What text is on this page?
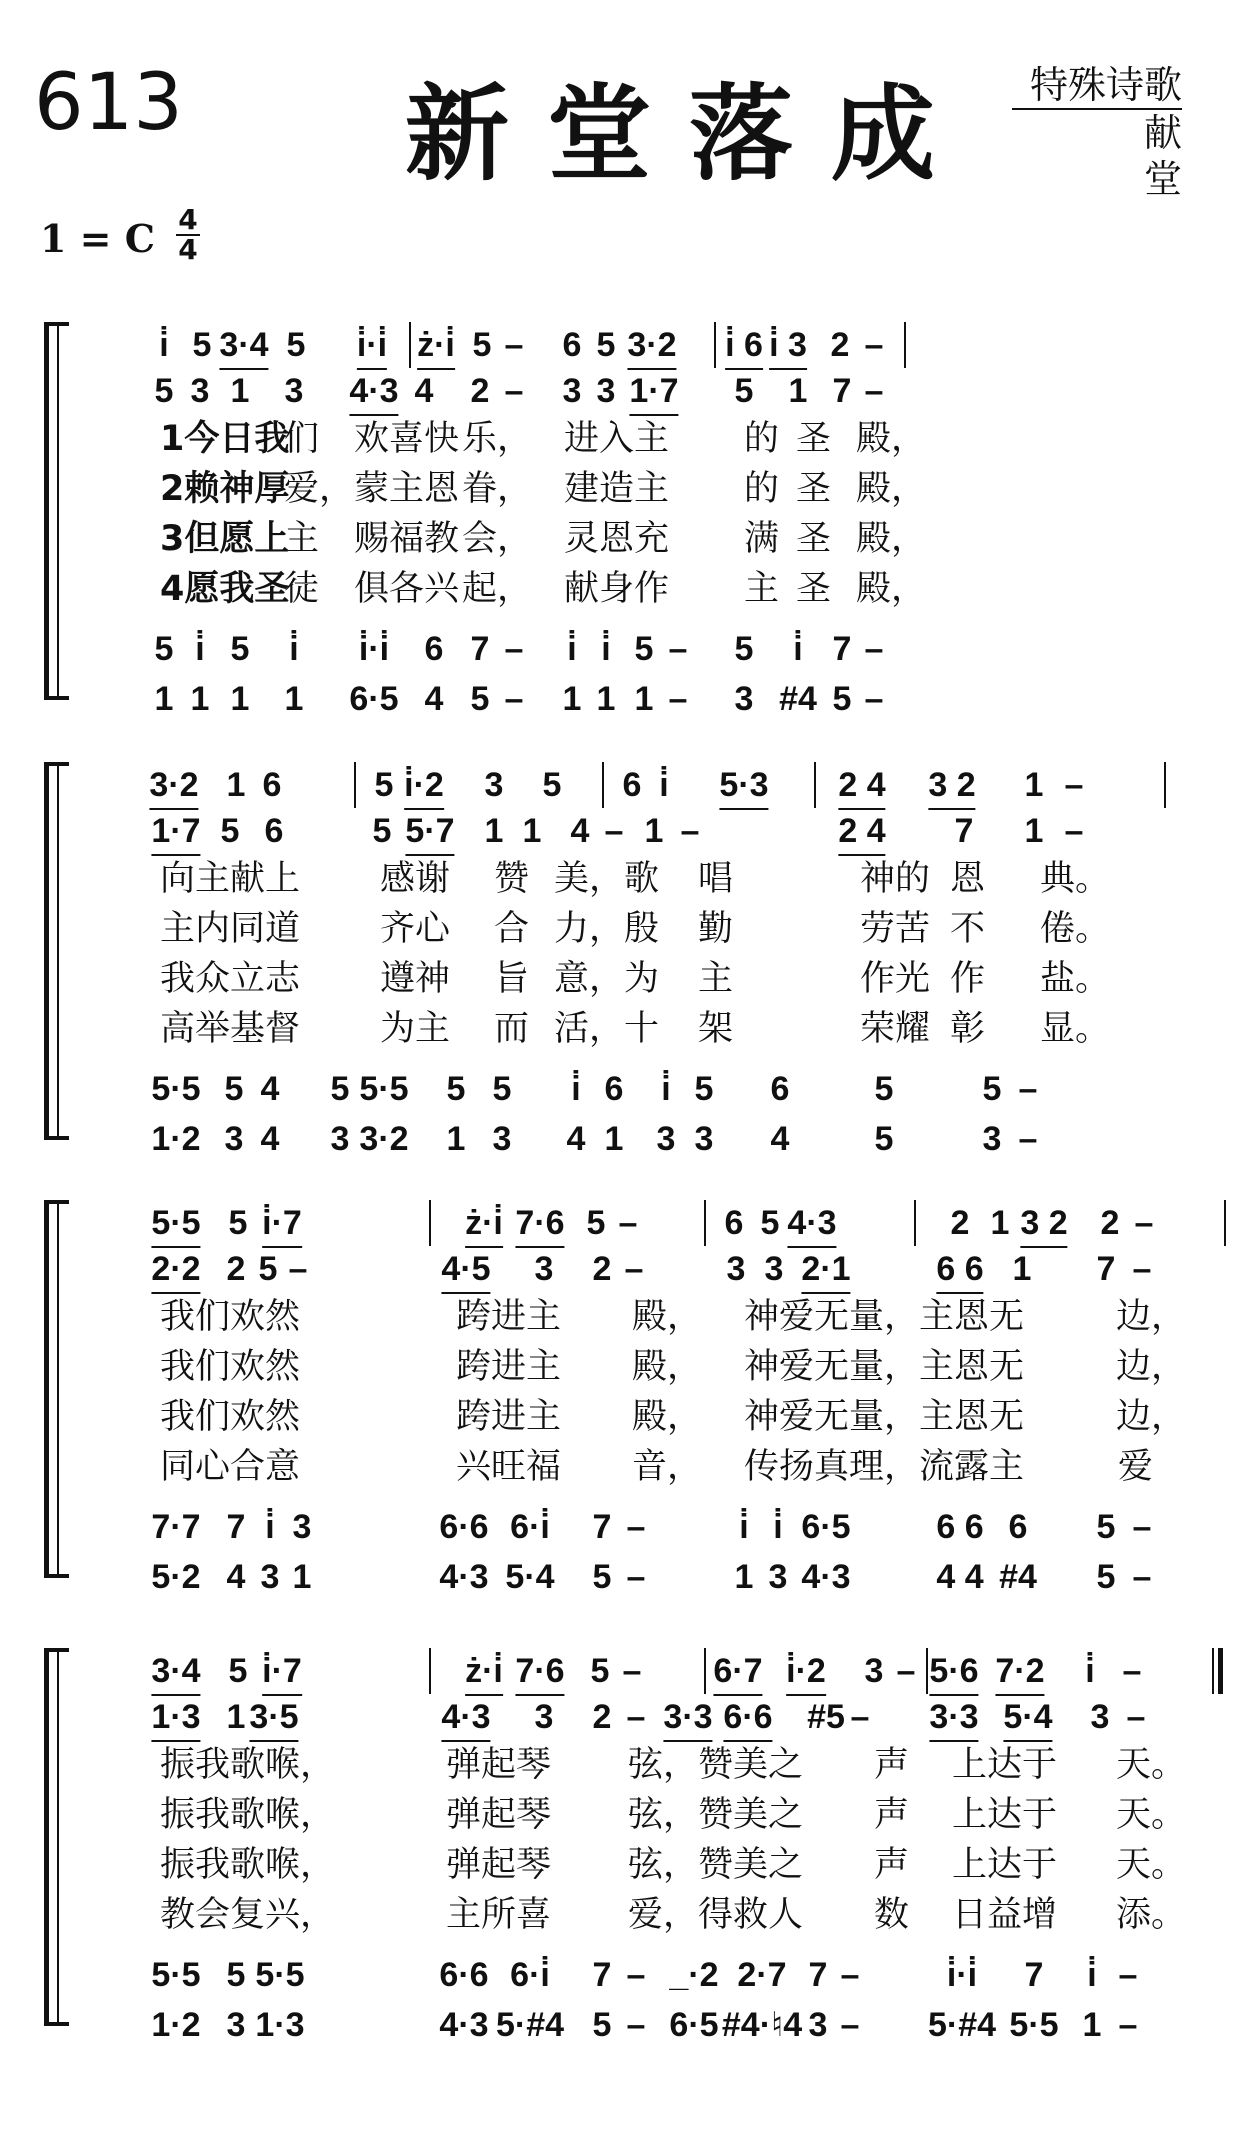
613 新堂落成	特殊诗歌
献 堂
1 = C 4
4
i̇ 5 3·4 5 i̇·i̇ ż·i̇ 5 – 6 5 3·2 i̇ 6 i̇ 3 2 –
5 3 1 3 4·3 4 2 – 3 3 1·7 5 1 7 –
1今日我
们 欢喜快 乐， 进入主 的 圣 殿，
2赖神厚
爱， 蒙主恩 眷， 建造主 的 圣 殿，
3但愿上
主 赐福教 会， 灵恩充 满 圣 殿，
4愿我圣
徒 俱各兴 起， 献身作 主 圣 殿，
5 i̇ 5 i̇ i̇·i̇ 6 7 – i̇ i̇ 5 – 5 i̇ 7 –
1 1 1 1 6·5 4 5 – 1 1 1 – 3 #4 5 –
3·2 1 6	5 i̇·2 3 5 6 i̇ 5·3 2 4 3 2 1 –
1·7 5 6	5 5·7 1 1 4 – 1 –	2 4 7 1 –
向主献上 感谢 赞 美，歌 唱	神的 恩 典。
主内同道 齐心 合 力，殷 勤	劳苦 不 倦。
我众立志 遵神 旨 意，为 主	作光 作 盐。
高举基督 为主 而 活，十 架	荣耀 彰 显。
5·5 5 4 5 5·5 5 5 i̇ 6 i̇ 5 6	5	5 –
1·2 3 4 3 3·2 1 3 4 1 3 3 4	5	3 –
5·5 5 i̇·7	ż·i̇ 7·6 5 –	6 5 4·3	2 1 3 2 2 –
2·2 2 5 –	4·5 3 2 – 3 3 2·1	6 6 1 7 –
我们欢然	跨进主 殿， 神爱无量，主恩无	边，
我们欢然	跨进主 殿， 神爱无量，主恩无	边，
我们欢然	跨进主 殿， 神爱无量，主恩无	边，
同心合意	兴旺福 音， 传扬真理，流露主	爱
7·7 7 i̇ 3	6·6 6·i̇ 7 –	i̇ i̇ 6·5	6 6 6 5 –
5·2 4 3 1	4·3 5·4 5 –	1 3 4·3	4 4 #4 5 –
3·4 5 i̇·7	ż·i̇ 7·6 5 – 6·7 i̇·2 3 – 5·6 7·2 i̇ –
1·3 1 3·5	4·3 3 2 – 3·3 6·6 #5 – 3·3 5·4 3 –
振我歌喉，	弹起琴 弦，赞美之 声 上达于 天。
振我歌喉，	弹起琴 弦，赞美之 声 上达于 天。
振我歌喉，	弹起琴 弦，赞美之 声 上达于 天。
教会复兴，	主所喜 爱，得救人 数 日益增 添。
5·5 5 5·5	6·6 6·i̇ 7 – _·2 2·7 7 –	i̇·i̇ 7 i̇ –
1·2 3 1·3	4·3 5·#4 5 – 6·5 #4·♮4 3 – 5·#4 5·5 1 –
